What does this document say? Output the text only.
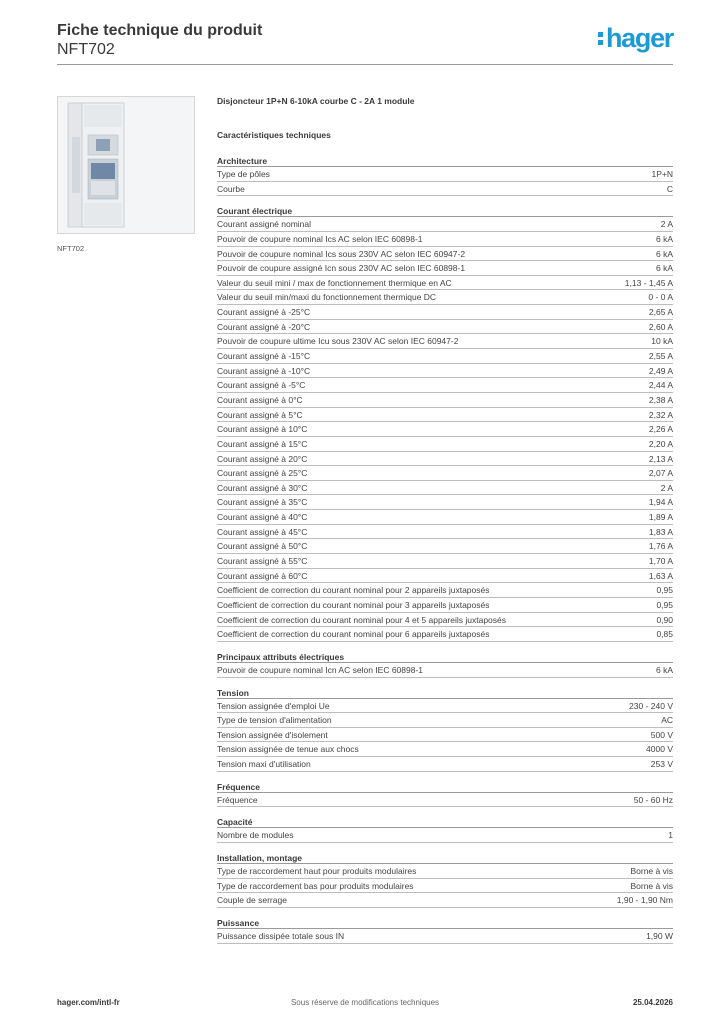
Fiche technique du produit
NFT702	hager
NFT702
Disjoncteur 1P+N 6-10kA courbe C - 2A 1 module
Caractéristiques techniques
Architecture
Type de pôles	1P+N
Courbe	C
Courant électrique
Courant assigné nominal	2 A
Pouvoir de coupure nominal Ics AC selon IEC 60898-1	6 kA
Pouvoir de coupure nominal Ics sous 230V AC selon IEC 60947-2	6 kA
Pouvoir de coupure assigné Icn sous 230V AC selon IEC 60898-1	6 kA
Valeur du seuil mini / max de fonctionnement thermique en AC	1,13 - 1,45 A
Valeur du seuil min/maxi du fonctionnement thermique DC	0 - 0 A
Courant assigné à -25°C	2,65 A
Courant assigné à -20°C	2,60 A
Pouvoir de coupure ultime Icu sous 230V AC selon IEC 60947-2	10 kA
Courant assigné à -15°C	2,55 A
Courant assigné à -10°C	2,49 A
Courant assigné à -5°C	2,44 A
Courant assigné à 0°C	2,38 A
Courant assigné à 5°C	2,32 A
Courant assigné à 10°C	2,26 A
Courant assigné à 15°C	2,20 A
Courant assigné à 20°C	2,13 A
Courant assigné à 25°C	2,07 A
Courant assigné à 30°C	2 A
Courant assigné à 35°C	1,94 A
Courant assigné à 40°C	1,89 A
Courant assigné à 45°C	1,83 A
Courant assigné à 50°C	1,76 A
Courant assigné à 55°C	1,70 A
Courant assigné à 60°C	1,63 A
Coefficient de correction du courant nominal pour 2 appareils juxtaposés	0,95
Coefficient de correction du courant nominal pour 3 appareils juxtaposés	0,95
Coefficient de correction du courant nominal pour 4 et 5 appareils juxtaposés	0,90
Coefficient de correction du courant nominal pour 6 appareils juxtaposés	0,85
Principaux attributs électriques
Pouvoir de coupure nominal Icn AC selon IEC 60898-1	6 kA
Tension
Tension assignée d'emploi Ue	230 - 240 V
Type de tension d'alimentation	AC
Tension assignée d'isolement	500 V
Tension assignée de tenue aux chocs	4000 V
Tension maxi d'utilisation	253 V
Fréquence
Fréquence	50 - 60 Hz
Capacité
Nombre de modules	1
Installation, montage
Type de raccordement haut pour produits modulaires	Borne à vis
Type de raccordement bas pour produits modulaires	Borne à vis
Couple de serrage	1,90 - 1,90 Nm
Puissance
Puissance dissipée totale sous IN	1,90 W
hager.com/intl-fr	Sous réserve de modifications techniques	25.04.2026
